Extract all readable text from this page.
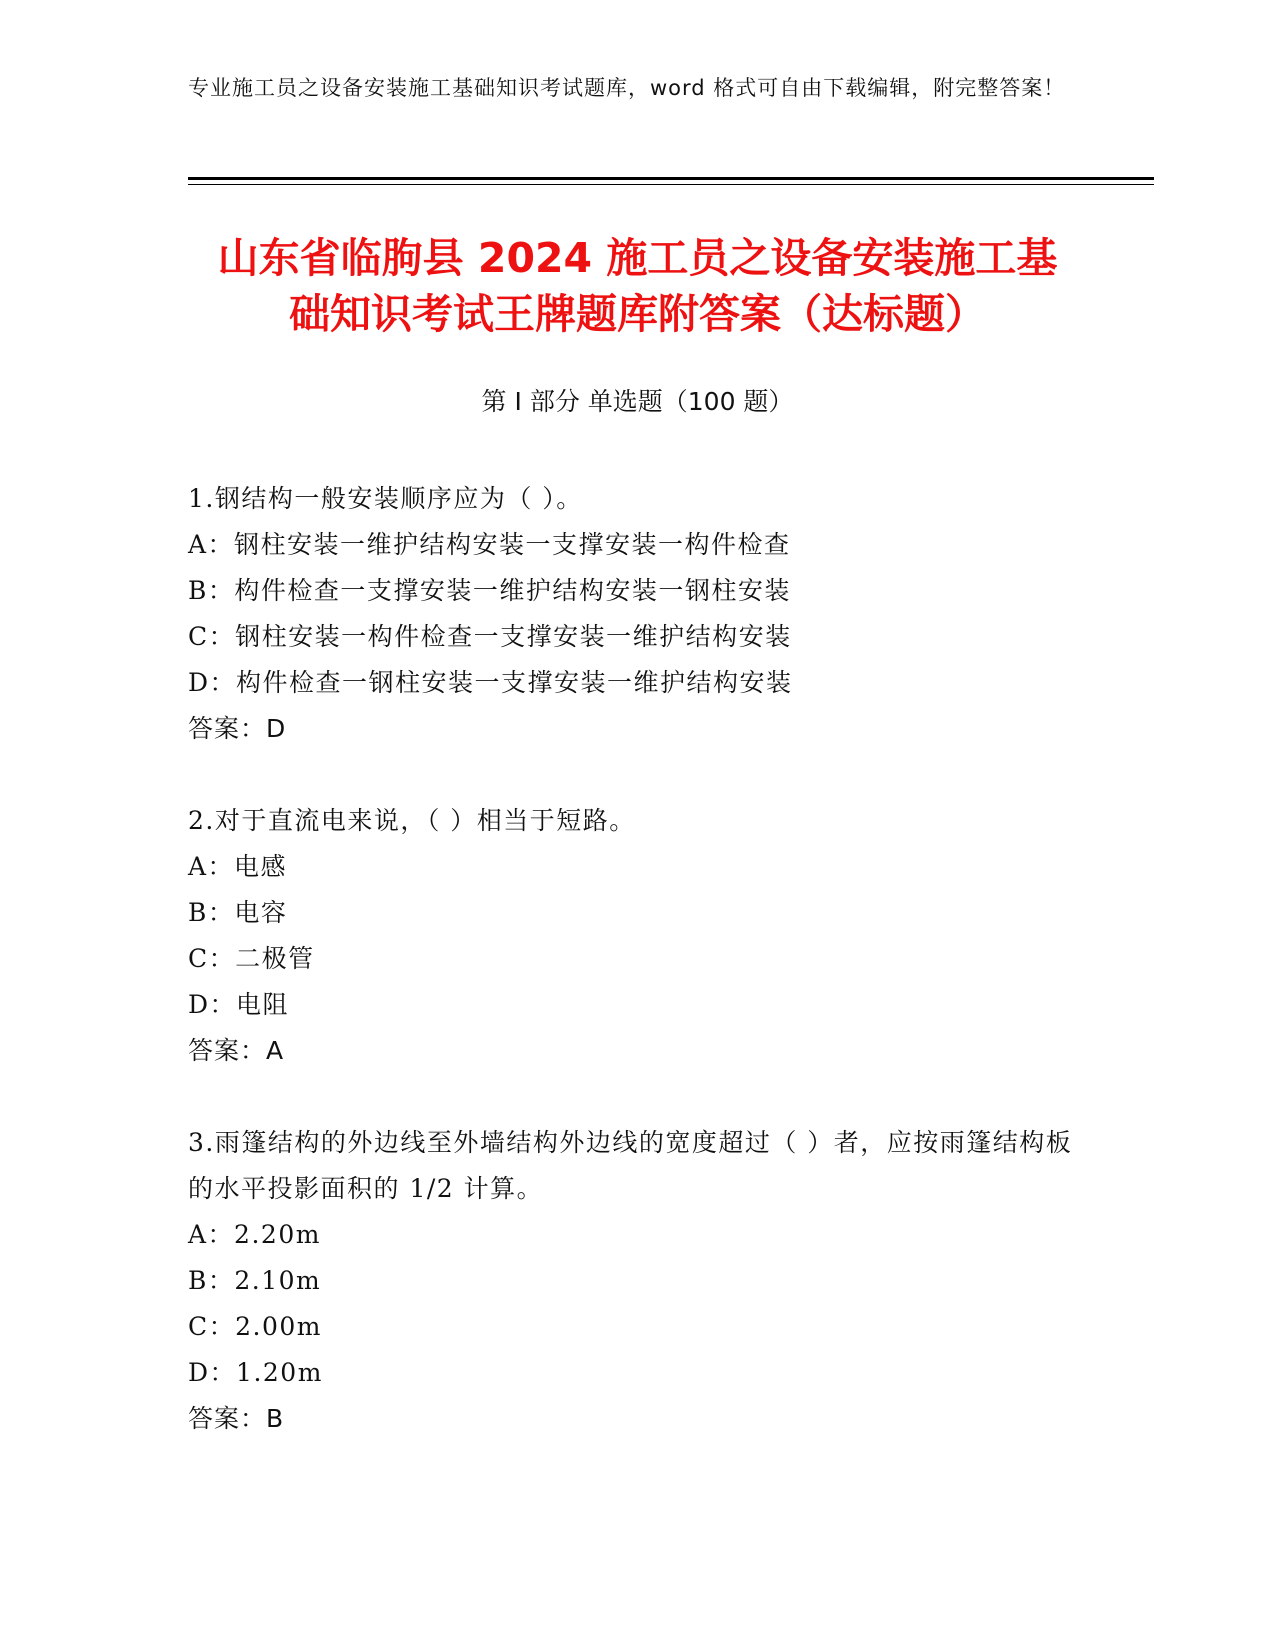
专业施工员之设备安装施工基础知识考试题库，word 格式可自由下载编辑，附完整答案！
山东省临朐县 2024 施工员之设备安装施工基
础知识考试王牌题库附答案（达标题）
第 I 部分 单选题（100 题）

1.钢结构一般安装顺序应为（ ）。

A：钢柱安装一维护结构安装一支撑安装一构件检查

B：构件检查一支撑安装一维护结构安装一钢柱安装

C：钢柱安装一构件检查一支撑安装一维护结构安装

D：构件检查一钢柱安装一支撑安装一维护结构安装

答案：D

2.对于直流电来说，（ ）相当于短路。

A：电感

B：电容

C：二极管

D：电阻

答案：A

3.雨篷结构的外边线至外墙结构外边线的宽度超过（ ）者，应按雨篷结构板的水平投影面积的 1/2 计算。

A：2.20m

B：2.10m

C：2.00m

D：1.20m

答案：B
